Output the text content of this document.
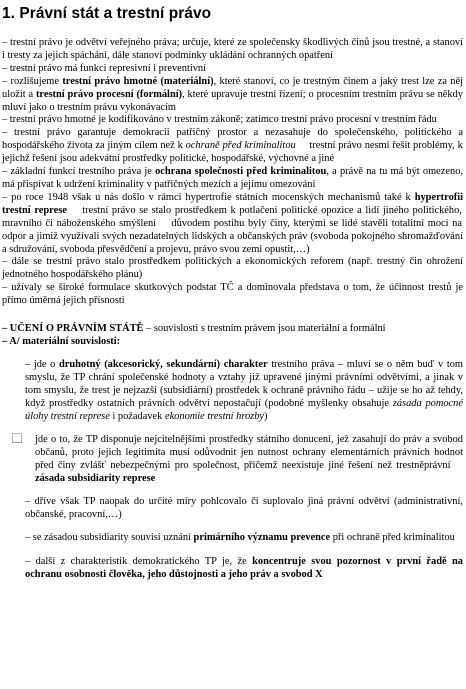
1. Právní stát a trestní právo

– trestní právo je odvětví veřejného práva; určuje, které ze společensky škodlivých činů jsou trestné, a stanoví i tresty za jejich spáchání, dále stanoví podmínky ukládání ochranných opatření

– trestní právo má funkci represivní i preventivní

– rozlišujeme trestní právo hmotné (materiální), které stanoví, co je trestným činem a jaký trest lze za něj uložit a trestní právo procesní (formální), které upravuje trestní řízení; o procesním trestním právu se někdy mluví jako o trestním právu vykonávacím

– trestní právo hmotné je kodifikováno v trestním zákoně; zatímco trestní právo procesní v trestním řádu

– trestní právo garantuje demokracii patřičný prostor a nezasahuje do společenského, politického a hospodářského života za jiným cílem než k ochraně před kriminalitou ⃞ trestní právo nesmí řešit problémy, k jejichž řešení jsou adekvátní prostředky politické, hospodářské, výchovné a jiné

– základní funkcí trestního práva je ochrana společnosti před kriminalitou, a právě na tu má být omezeno, má přispívat k udržení kriminality v patřičných mezích a jejímu omezování

– po roce 1948 však u nás došlo v rámci hypertrofie státních mocenských mechanismů také k hypertrofii trestní represe ⃞ trestní právo se stalo prostředkem k potlačení politické opozice a lidí jiného politického, mravního či náboženského smýšlení ⃞ důvodem postihu byly činy, kterými se lidé stavěli totalitní moci na odpor a jimiž využívali svých nezadatelných lidských a občanských práv (svoboda pokojného shromažďování a sdružování, svoboda přesvědčení a projevu, právo svou zemi opustit,…)

– dále se trestní právo stalo prostředkem politických a ekonomických reforem (např. trestný čin ohrožení jednotného hospodářského plánu)

– užívaly se široké formulace skutkových podstat TČ a dominovala představa o tom, že účinnost trestů je přímo úměrná jejich přísnosti

– UČENÍ O PRÁVNÍM STÁTĚ – souvislosti s trestním právem jsou materiální a formální

– A/ materiální souvislosti:

– jde o druhotný (akcesorický, sekundární) charakter trestního práva – mluví se o něm buď v tom smyslu, že TP chrání společenské hodnoty a vztahy již upravené jinými právními odvětvími, a jinak v tom smyslu, že trest je nejzazší (subsidiární) prostředek k ochraně právního řádu – užije se ho až tehdy, když prostředky ostatních právních odvětví nepostačují (podobné myšlenky obsahuje zásada pomocné úlohy trestní represe i požadavek ekonomie trestní hrozby)

⃞	jde o to, že TP disponuje nejcitelnějšími prostředky státního donucení, jež zasahují do práv a svobod občanů, proto jejich legitimita musí odůvodnit jen nutnost ochrany elementárních právních hodnot před činy zvlášť nebezpečnými pro společnost, přičemž neexistuje jiné řešení než trestněprávní ⃞ zásada subsidiarity represe

– dříve však TP naopak do určité míry pohlcovalo či suplovalo jiná právní odvětví (administrativní, občanské, pracovní,…)

– se zásadou subsidiarity souvisí uznání primárního významu prevence při ochraně před kriminalitou

– další z charakteristik demokratického TP je, že koncentruje svou pozornost v první řadě na ochranu osobnosti člověka, jeho důstojnosti a jeho práv a svobod X
